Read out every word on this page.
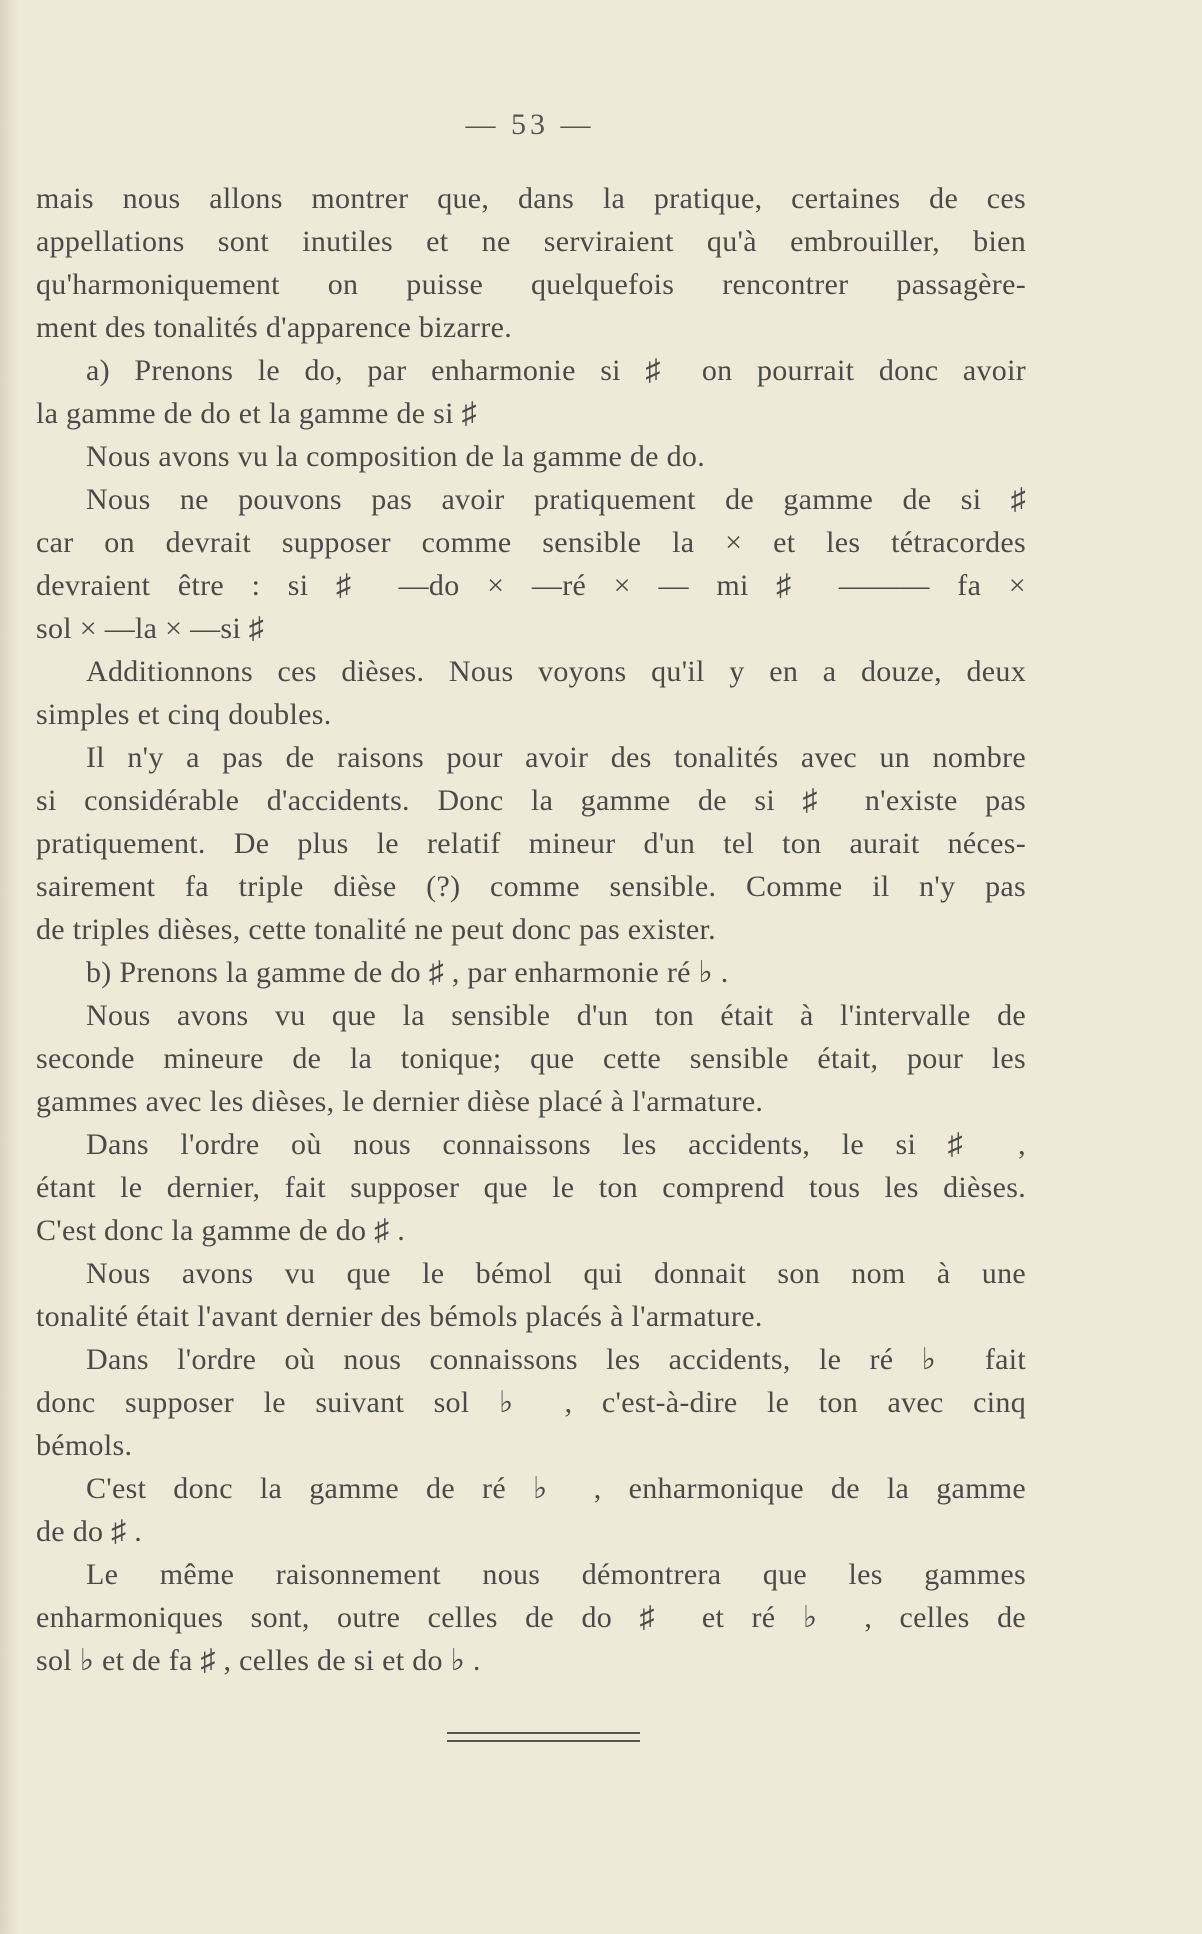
— 53 —
mais nous allons montrer que, dans la pratique, certaines de ces
appellations sont inutiles et ne serviraient qu'à embrouiller, bien
qu'harmoniquement on puisse quelquefois rencontrer passagère-
ment des tonalités d'apparence bizarre.
a) Prenons le do, par enharmonie si ♯ on pourrait donc avoir
la gamme de do et la gamme de si ♯
Nous avons vu la composition de la gamme de do.
Nous ne pouvons pas avoir pratiquement de gamme de si ♯
car on devrait supposer comme sensible la × et les tétracordes
devraient être : si ♯ —do × —ré × — mi ♯ ——— fa ×
sol × —la × —si ♯
Additionnons ces dièses. Nous voyons qu'il y en a douze, deux
simples et cinq doubles.
Il n'y a pas de raisons pour avoir des tonalités avec un nombre
si considérable d'accidents. Donc la gamme de si ♯ n'existe pas
pratiquement. De plus le relatif mineur d'un tel ton aurait néces-
sairement fa triple dièse (?) comme sensible. Comme il n'y pas
de triples dièses, cette tonalité ne peut donc pas exister.
b) Prenons la gamme de do ♯ , par enharmonie ré ♭ .
Nous avons vu que la sensible d'un ton était à l'intervalle de
seconde mineure de la tonique; que cette sensible était, pour les
gammes avec les dièses, le dernier dièse placé à l'armature.
Dans l'ordre où nous connaissons les accidents, le si ♯ ,
étant le dernier, fait supposer que le ton comprend tous les dièses.
C'est donc la gamme de do ♯ .
Nous avons vu que le bémol qui donnait son nom à une
tonalité était l'avant dernier des bémols placés à l'armature.
Dans l'ordre où nous connaissons les accidents, le ré ♭ fait
donc supposer le suivant sol ♭ , c'est-à-dire le ton avec cinq
bémols.
C'est donc la gamme de ré ♭ , enharmonique de la gamme
de do ♯ .
Le même raisonnement nous démontrera que les gammes
enharmoniques sont, outre celles de do ♯ et ré ♭ , celles de
sol ♭ et de fa ♯ , celles de si et do ♭ .
